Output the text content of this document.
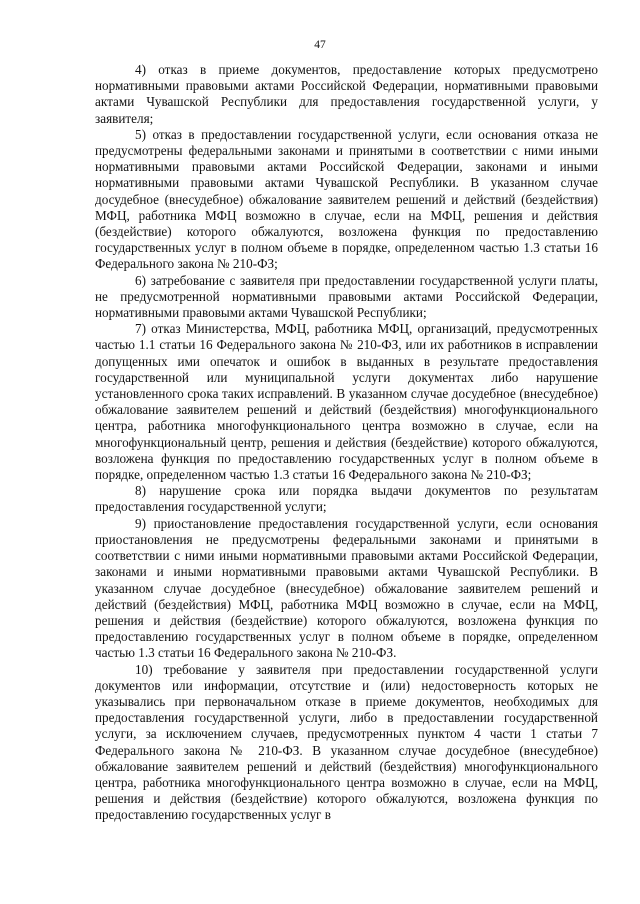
47

4) отказ в приеме документов, предоставление которых предусмотрено нормативными правовыми актами Российской Федерации, нормативными правовыми актами Чувашской Республики для предоставления государственной услуги, у заявителя;

5) отказ в предоставлении государственной услуги, если основания отказа не предусмотрены федеральными законами и принятыми в соответствии с ними иными нормативными правовыми актами Российской Федерации, законами и иными нормативными правовыми актами Чувашской Республики. В указанном случае досудебное (внесудебное) обжалование заявителем решений и действий (бездействия) МФЦ, работника МФЦ возможно в случае, если на МФЦ, решения и действия (бездействие) которого обжалуются, возложена функция по предоставлению государственных услуг в полном объеме в порядке, определенном частью 1.3 статьи 16 Федерального закона № 210-ФЗ;

6) затребование с заявителя при предоставлении государственной услуги платы, не предусмотренной нормативными правовыми актами Российской Федерации, нормативными правовыми актами Чувашской Республики;

7) отказ Министерства, МФЦ, работника МФЦ, организаций, предусмотренных частью 1.1 статьи 16 Федерального закона № 210-ФЗ, или их работников в исправлении допущенных ими опечаток и ошибок в выданных в результате предоставления государственной или муниципальной услуги документах либо нарушение установленного срока таких исправлений. В указанном случае досудебное (внесудебное) обжалование заявителем решений и действий (бездействия) многофункционального центра, работника многофункционального центра возможно в случае, если на многофункциональный центр, решения и действия (бездействие) которого обжалуются, возложена функция по предоставлению государственных услуг в полном объеме в порядке, определенном частью 1.3 статьи 16 Федерального закона № 210-ФЗ;

8) нарушение срока или порядка выдачи документов по результатам предоставления государственной услуги;

9) приостановление предоставления государственной услуги, если основания приостановления не предусмотрены федеральными законами и принятыми в соответствии с ними иными нормативными правовыми актами Российской Федерации, законами и иными нормативными правовыми актами Чувашской Республики. В указанном случае досудебное (внесудебное) обжалование заявителем решений и действий (бездействия) МФЦ, работника МФЦ возможно в случае, если на МФЦ, решения и действия (бездействие) которого обжалуются, возложена функция по предоставлению государственных услуг в полном объеме в порядке, определенном частью 1.3 статьи 16 Федерального закона № 210-ФЗ.

10) требование у заявителя при предоставлении государственной услуги документов или информации, отсутствие и (или) недостоверность которых не указывались при первоначальном отказе в приеме документов, необходимых для предоставления государственной услуги, либо в предоставлении государственной услуги, за исключением случаев, предусмотренных пунктом 4 части 1 статьи 7 Федерального закона № 210-ФЗ. В указанном случае досудебное (внесудебное) обжалование заявителем решений и действий (бездействия) многофункционального центра, работника многофункционального центра возможно в случае, если на МФЦ, решения и действия (бездействие) которого обжалуются, возложена функция по предоставлению государственных услуг в
